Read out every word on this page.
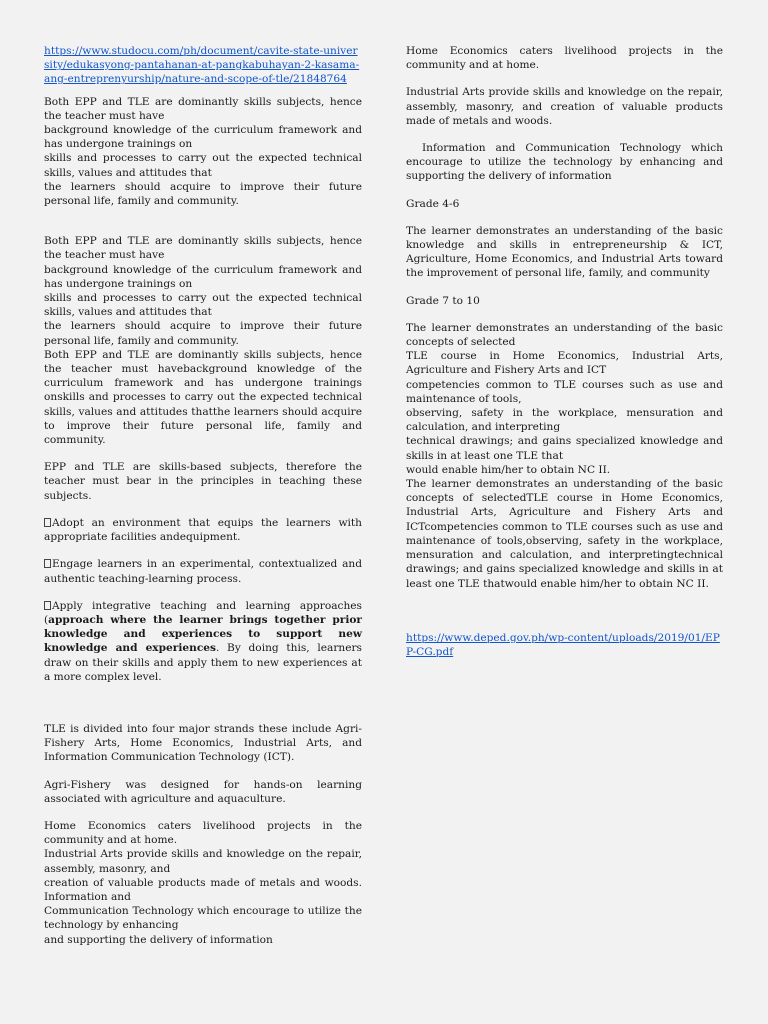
https://www.studocu.com/ph/document/cavite-state-university/edukasyong-pantahanan-at-pangkabuhayan-2-kasama-ang-entreprenyurship/nature-and-scope-of-tle/21848764

Both EPP and TLE are dominantly skills subjects, hence the teacher must have

background knowledge of the curriculum framework and has undergone trainings on

skills and processes to carry out the expected technical skills, values and attitudes that

the learners should acquire to improve their future personal life, family and community.

Both EPP and TLE are dominantly skills subjects, hence the teacher must have

background knowledge of the curriculum framework and has undergone trainings on

skills and processes to carry out the expected technical skills, values and attitudes that

the learners should acquire to improve their future personal life, family and community.

Both EPP and TLE are dominantly skills subjects, hence the teacher must havebackground knowledge of the curriculum framework and has undergone trainings onskills and processes to carry out the expected technical skills, values and attitudes thatthe learners should acquire to improve their future personal life, family and community.

EPP and TLE are skills-based subjects, therefore the teacher must bear in the principles in teaching these subjects.

Adopt an environment that equips the learners with appropriate facilities andequipment.

Engage learners in an experimental, contextualized and authentic teaching-learning process.

Apply integrative teaching and learning approaches (approach where the learner brings together prior knowledge and experiences to support new knowledge and experiences. By doing this, learners draw on their skills and apply them to new experiences at a more complex level.

TLE is divided into four major strands these include Agri-Fishery Arts, Home Economics, Industrial Arts, and Information Communication Technology (ICT).

Agri-Fishery was designed for hands-on learning associated with agriculture and aquaculture.

Home Economics caters livelihood projects in the community and at home.

Industrial Arts provide skills and knowledge on the repair, assembly, masonry, and

creation of valuable products made of metals and woods. Information and

Communication Technology which encourage to utilize the technology by enhancing

and supporting the delivery of information

Home Economics caters livelihood projects in the community and at home.

Industrial Arts provide skills and knowledge on the repair, assembly, masonry, and creation of valuable products made of metals and woods.

Information and Communication Technology which encourage to utilize the technology by enhancing and supporting the delivery of information

Grade 4-6

The learner demonstrates an understanding of the basic knowledge and skills in entrepreneurship & ICT, Agriculture, Home Economics, and Industrial Arts toward the improvement of personal life, family, and community

Grade 7 to 10

The learner demonstrates an understanding of the basic concepts of selected

TLE course in Home Economics, Industrial Arts, Agriculture and Fishery Arts and ICT

competencies common to TLE courses such as use and maintenance of tools,

observing, safety in the workplace, mensuration and calculation, and interpreting

technical drawings; and gains specialized knowledge and skills in at least one TLE that

would enable him/her to obtain NC II.

The learner demonstrates an understanding of the basic concepts of selectedTLE course in Home Economics, Industrial Arts, Agriculture and Fishery Arts and ICTcompetencies common to TLE courses such as use and maintenance of tools,observing, safety in the workplace, mensuration and calculation, and interpretingtechnical drawings; and gains specialized knowledge and skills in at least one TLE thatwould enable him/her to obtain NC II.

https://www.deped.gov.ph/wp-content/uploads/2019/01/EPP-CG.pdf
